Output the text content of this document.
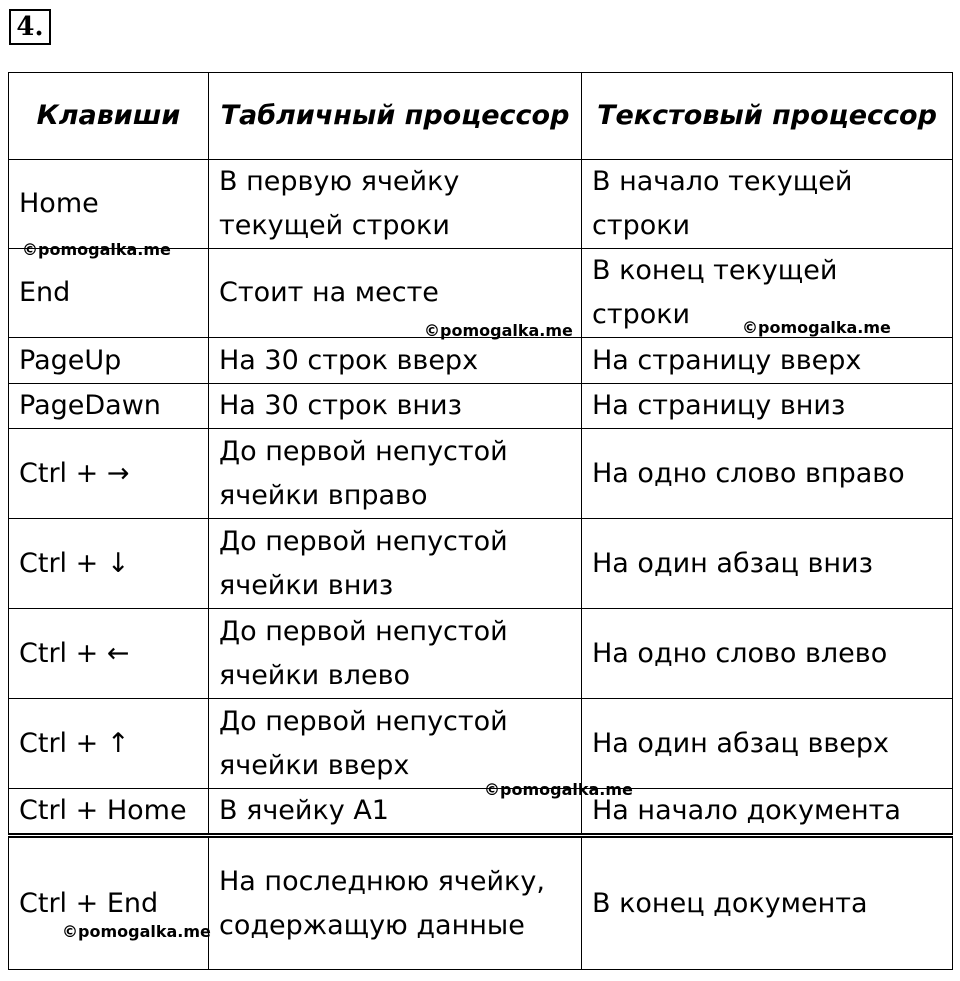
4.
Клавиши	Табличный процессор	Текстовый процессор
Home	В первую ячейку текущей строки	В начало текущей строки
End	Стоит на месте	В конец текущей строки
PageUp	На 30 строк вверх	На страницу вверх
PageDawn	На 30 строк вниз	На страницу вниз
Ctrl + →	До первой непустой ячейки вправо	На одно слово вправо
Ctrl + ↓	До первой непустой ячейки вниз	На один абзац вниз
Ctrl + ←	До первой непустой ячейки влево	На одно слово влево
Ctrl + ↑	До первой непустой ячейки вверх	На один абзац вверх
Ctrl + Home	В ячейку A1	На начало документа
Ctrl + End	На последнюю ячейку, содержащую данные	В конец документа
©pomogalka.me
©pomogalka.me	©pomogalka.me
©pomogalka.me
©pomogalka.me
